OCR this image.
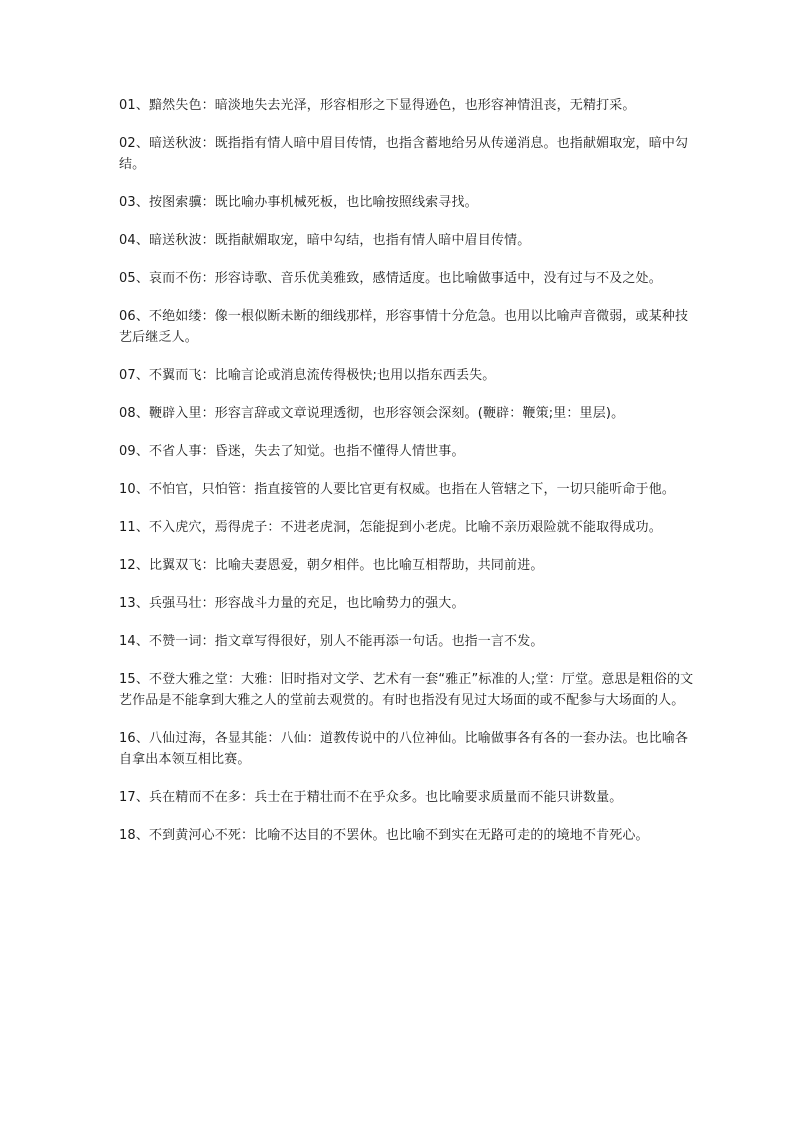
01、黯然失色：暗淡地失去光泽，形容相形之下显得逊色，也形容神情沮丧，无精打采。

02、暗送秋波：既指指有情人暗中眉目传情，也指含蓄地给另从传递消息。也指献媚取宠，暗中勾结。

03、按图索骥：既比喻办事机械死板，也比喻按照线索寻找。

04、暗送秋波：既指献媚取宠，暗中勾结，也指有情人暗中眉目传情。

05、哀而不伤：形容诗歌、音乐优美雅致，感情适度。也比喻做事适中，没有过与不及之处。

06、不绝如缕：像一根似断未断的细线那样，形容事情十分危急。也用以比喻声音微弱，或某种技艺后继乏人。

07、不翼而飞：比喻言论或消息流传得极快;也用以指东西丢失。

08、鞭辟入里：形容言辞或文章说理透彻，也形容领会深刻。(鞭辟：鞭策;里：里层)。

09、不省人事：昏迷，失去了知觉。也指不懂得人情世事。

10、不怕官，只怕管：指直接管的人要比官更有权威。也指在人管辖之下，一切只能听命于他。

11、不入虎穴，焉得虎子：不进老虎洞，怎能捉到小老虎。比喻不亲历艰险就不能取得成功。

12、比翼双飞：比喻夫妻恩爱，朝夕相伴。也比喻互相帮助，共同前进。

13、兵强马壮：形容战斗力量的充足，也比喻势力的强大。

14、不赞一词：指文章写得很好，别人不能再添一句话。也指一言不发。

15、不登大雅之堂：大雅：旧时指对文学、艺术有一套“雅正”标准的人;堂：厅堂。意思是粗俗的文艺作品是不能拿到大雅之人的堂前去观赏的。有时也指没有见过大场面的或不配参与大场面的人。

16、八仙过海，各显其能：八仙：道教传说中的八位神仙。比喻做事各有各的一套办法。也比喻各自拿出本领互相比赛。

17、兵在精而不在多：兵士在于精壮而不在乎众多。也比喻要求质量而不能只讲数量。

18、不到黄河心不死：比喻不达目的不罢休。也比喻不到实在无路可走的的境地不肯死心。
